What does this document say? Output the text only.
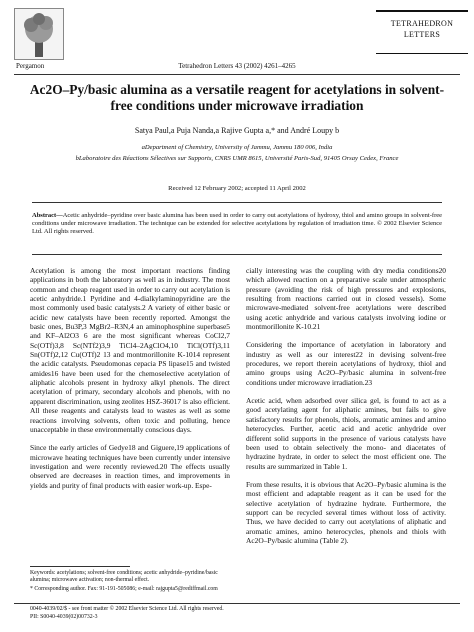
Pergamon	Tetrahedron Letters 43 (2002) 4261–4265
TETRAHEDRON
LETTERS
Ac2O–Py/basic alumina as a versatile reagent for acetylations in solvent-free conditions under microwave irradiation
Satya Paul,a Puja Nanda,a Rajive Gupta a,* and André Loupy b
aDepartment of Chemistry, University of Jammu, Jammu 180 006, India
bLaboratoire des Réactions Sélectives sur Supports, CNRS UMR 8615, Université Paris-Sud, 91405 Orsay Cedex, France
Received 12 February 2002; accepted 11 April 2002
Abstract—Acetic anhydride–pyridine over basic alumina has been used in order to carry out acetylations of hydroxy, thiol and amino groups in solvent-free conditions under microwave irradiation. The technique can be extended for selective acetylations by regulation of irradiation time. © 2002 Elsevier Science Ltd. All rights reserved.

Acetylation is among the most important reactions finding applications in both the laboratory as well as in industry. The most common and cheap reagent used in order to carry out acetylation is acetic anhydride.1 Pyridine and 4-dialkylaminopyridine are the most commonly used basic catalysts.2 A variety of either basic or acidic new catalysts have been recently reported. Amongst the basic ones, Bu3P,3 MgBr2–R3N,4 an aminophosphine superbase5 and KF–Al2O3 6 are the most significant whereas CoCl2,7 Sc(OTf)3,8 Sc(NTf2)3,9 TiCl4–2AgClO4,10 TiCl(OTf)3,11 Sn(OTf)2,12 Cu(OTf)2 13 and montmorillonite K-1014 represent the acidic catalysts. Pseudomonas cepacia PS lipase15 and twisted amides16 have been used for the chemoselective acetylation of aliphatic alcohols present in hydroxy alkyl phenols. The direct acetylation of primary, secondary alcohols and phenols, with no apparent discrimination, using zeolites HSZ-36017 is also efficient. All these reagents and catalysts lead to wastes as well as some reactions involving solvents, often toxic and polluting, hence unacceptable in these environmentally conscious days.

Since the early articles of Gedye18 and Giguere,19 applications of microwave heating techniques have been currently under intensive investigation and were recently reviewed.20 The effects usually observed are decreases in reaction times, and improvements in yields and purity of final products with easier work-up. Espe-

cially interesting was the coupling with dry media conditions20 which allowed reaction on a preparative scale under atmospheric pressure (avoiding the risk of high pressures and explosions, resulting from reactions carried out in closed vessels). Some microwave-mediated solvent-free acetylations were described using acetic anhydride and various catalysts involving iodine or montmorillonite K-10.21

Considering the importance of acetylation in laboratory and industry as well as our interest22 in devising solvent-free procedures, we report therein acetylations of hydroxy, thiol and amino groups using Ac2O–Py/basic alumina in solvent-free conditions under microwave irradiation.23

Acetic acid, when adsorbed over silica gel, is found to act as a good acetylating agent for aliphatic amines, but fails to give satisfactory results for phenols, thiols, aromatic amines and amino heterocycles. Further, acetic acid and acetic anhydride over different solid supports in the presence of various catalysts have been used to obtain selectively the mono- and diacetates of hydrazine hydrate, in order to select the most efficient one. The results are summarized in Table 1.

From these results, it is obvious that Ac2O–Py/basic alumina is the most efficient and adaptable reagent as it can be used for the selective acetylation of hydrazine hydrate. Furthermore, the support can be recycled several times without loss of activity. Thus, we have decided to carry out acetylations of aliphatic and aromatic amines, amino heterocycles, phenols and thiols with Ac2O–Py/basic alumina (Table 2).

Keywords: acetylations; solvent-free conditions; acetic anhydride–pyridine/basic alumina; microwave activation; non-thermal effect.
* Corresponding author. Fax: 91-191-505086; e-mail: rajgupta5@rediffmail.com
0040-4039/02/$ - see front matter © 2002 Elsevier Science Ltd. All rights reserved.
PII: S0040-4039(02)00732-3
